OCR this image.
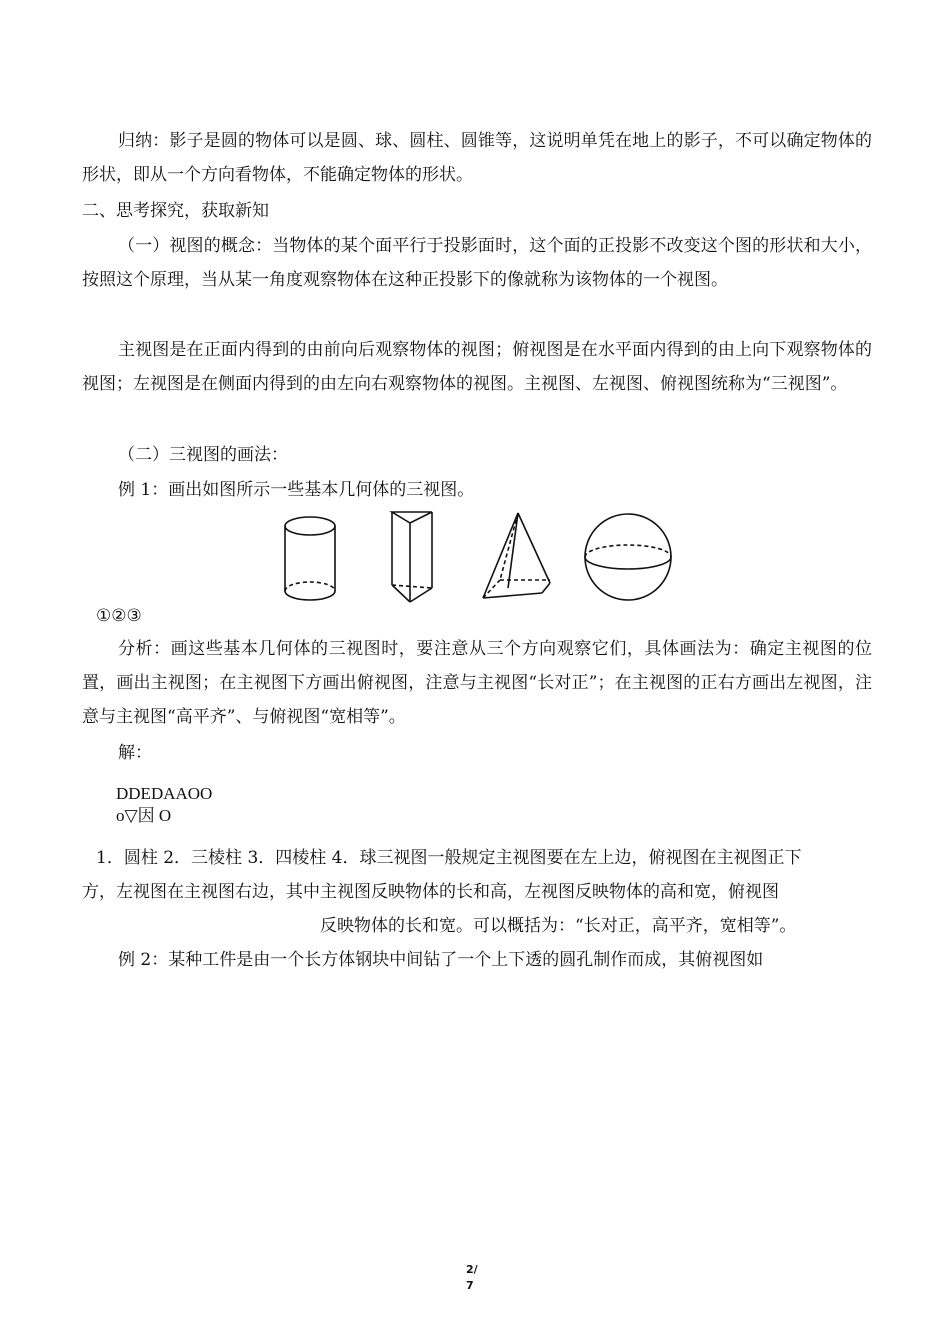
归纳：影子是圆的物体可以是圆、球、圆柱、圆锥等，这说明单凭在地上的影子，不可以确定物体的形状，即从一个方向看物体，不能确定物体的形状。

二、思考探究，获取新知

（一）视图的概念：当物体的某个面平行于投影面时，这个面的正投影不改变这个图的形状和大小，按照这个原理，当从某一角度观察物体在这种正投影下的像就称为该物体的一个视图。

主视图是在正面内得到的由前向后观察物体的视图；俯视图是在水平面内得到的由上向下观察物体的视图；左视图是在侧面内得到的由左向右观察物体的视图。主视图、左视图、俯视图统称为“三视图”。

（二）三视图的画法：

例 1：画出如图所示一些基本几何体的三视图。

①②③

分析：画这些基本几何体的三视图时，要注意从三个方向观察它们，具体画法为：确定主视图的位置，画出主视图；在主视图下方画出俯视图，注意与主视图“长对正”；在主视图的正右方画出左视图，注意与主视图“高平齐”、与俯视图“宽相等”。

解：
DDEDAAOO
o▽因 O
1．圆柱 2．三棱柱 3．四棱柱 4．球三视图一般规定主视图要在左上边，俯视图在主视图正下
方，左视图在主视图右边，其中主视图反映物体的长和高，左视图反映物体的高和宽，俯视图
反映物体的长和宽。可以概括为：“长对正，高平齐，宽相等”。
例 2：某种工件是由一个长方体钢块中间钻了一个上下透的圆孔制作而成，其俯视图如
2/
7
